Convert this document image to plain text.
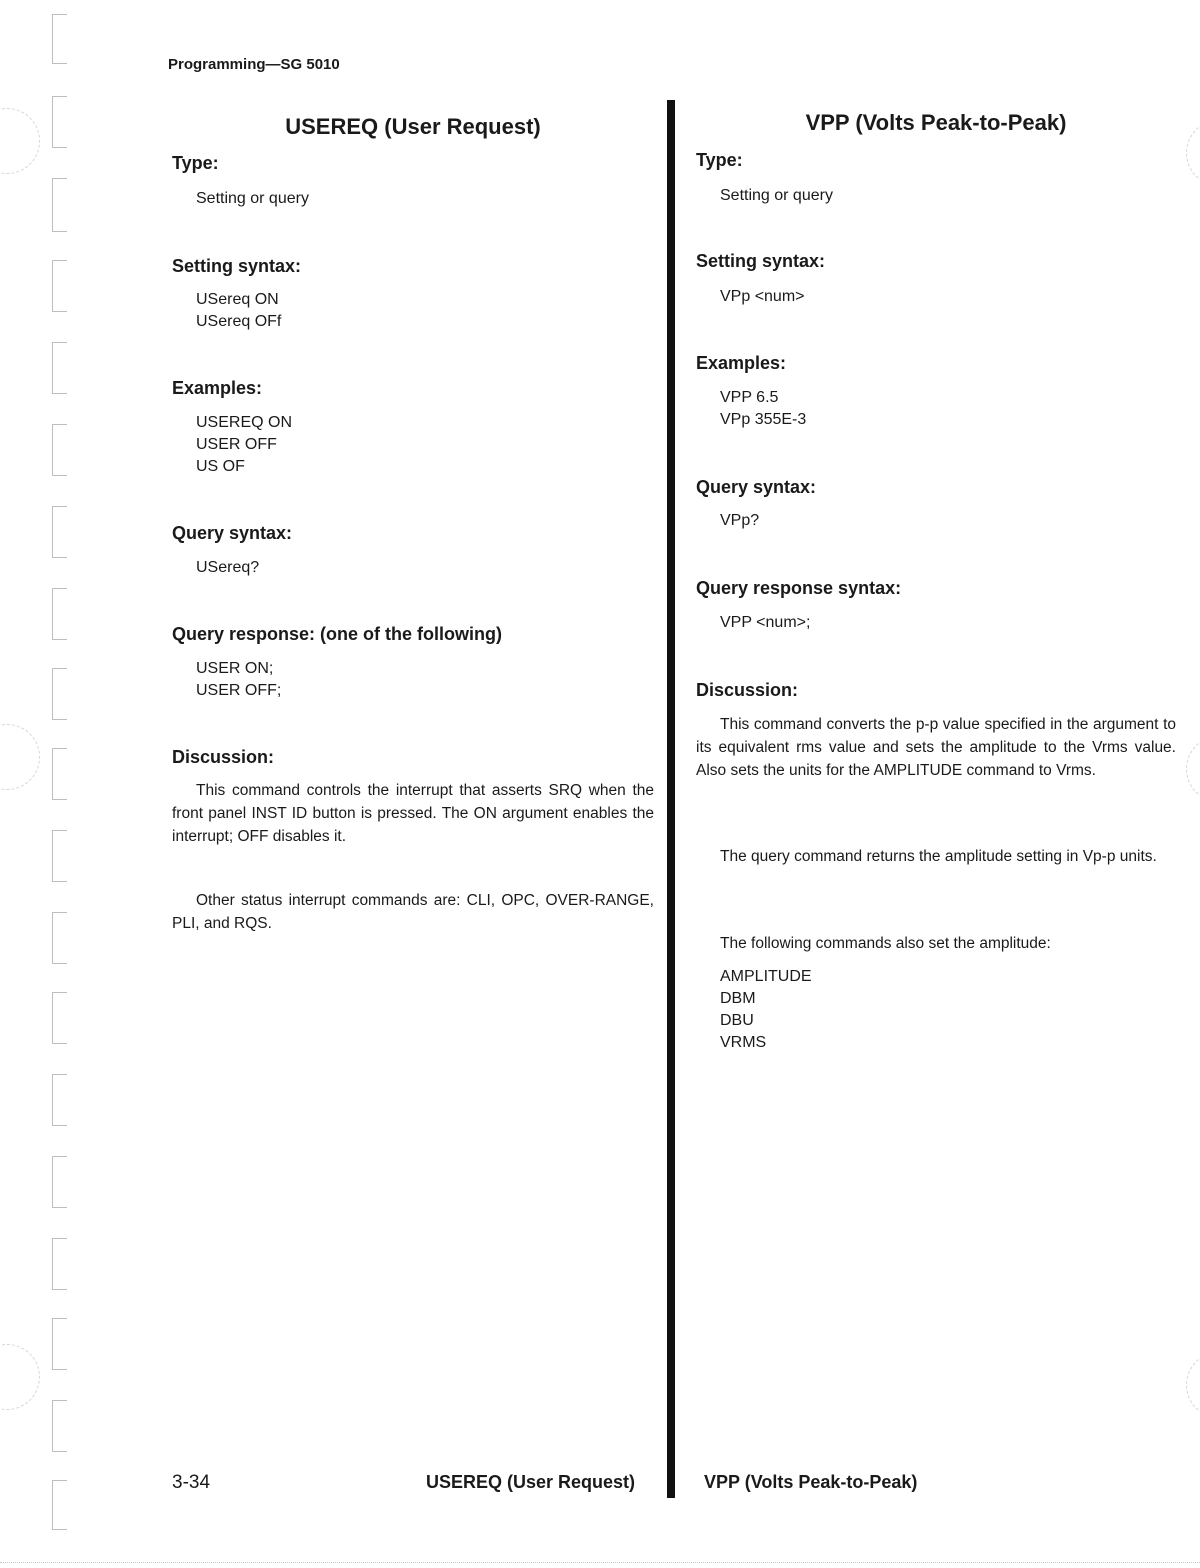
Programming—SG 5010
USEREQ (User Request)
Type:
Setting or query
Setting syntax:
USereq ON
USereq OFf
Examples:
USEREQ ON
USER OFF
US OF
Query syntax:
USereq?
Query response: (one of the following)
USER ON;
USER OFF;
Discussion:
This command controls the interrupt that asserts SRQ when the front panel INST ID button is pressed. The ON argument enables the interrupt; OFF disables it.
Other status interrupt commands are: CLI, OPC, OVER-RANGE, PLI, and RQS.
VPP (Volts Peak-to-Peak)
Type:
Setting or query
Setting syntax:
VPp <num>
Examples:
VPP 6.5
VPp 355E-3
Query syntax:
VPp?
Query response syntax:
VPP <num>;
Discussion:
This command converts the p-p value specified in the argument to its equivalent rms value and sets the amplitude to the Vrms value. Also sets the units for the AMPLITUDE command to Vrms.
The query command returns the amplitude setting in Vp-p units.
The following commands also set the amplitude:
AMPLITUDE
DBM
DBU
VRMS
3-34	USEREQ (User Request)	VPP (Volts Peak-to-Peak)
